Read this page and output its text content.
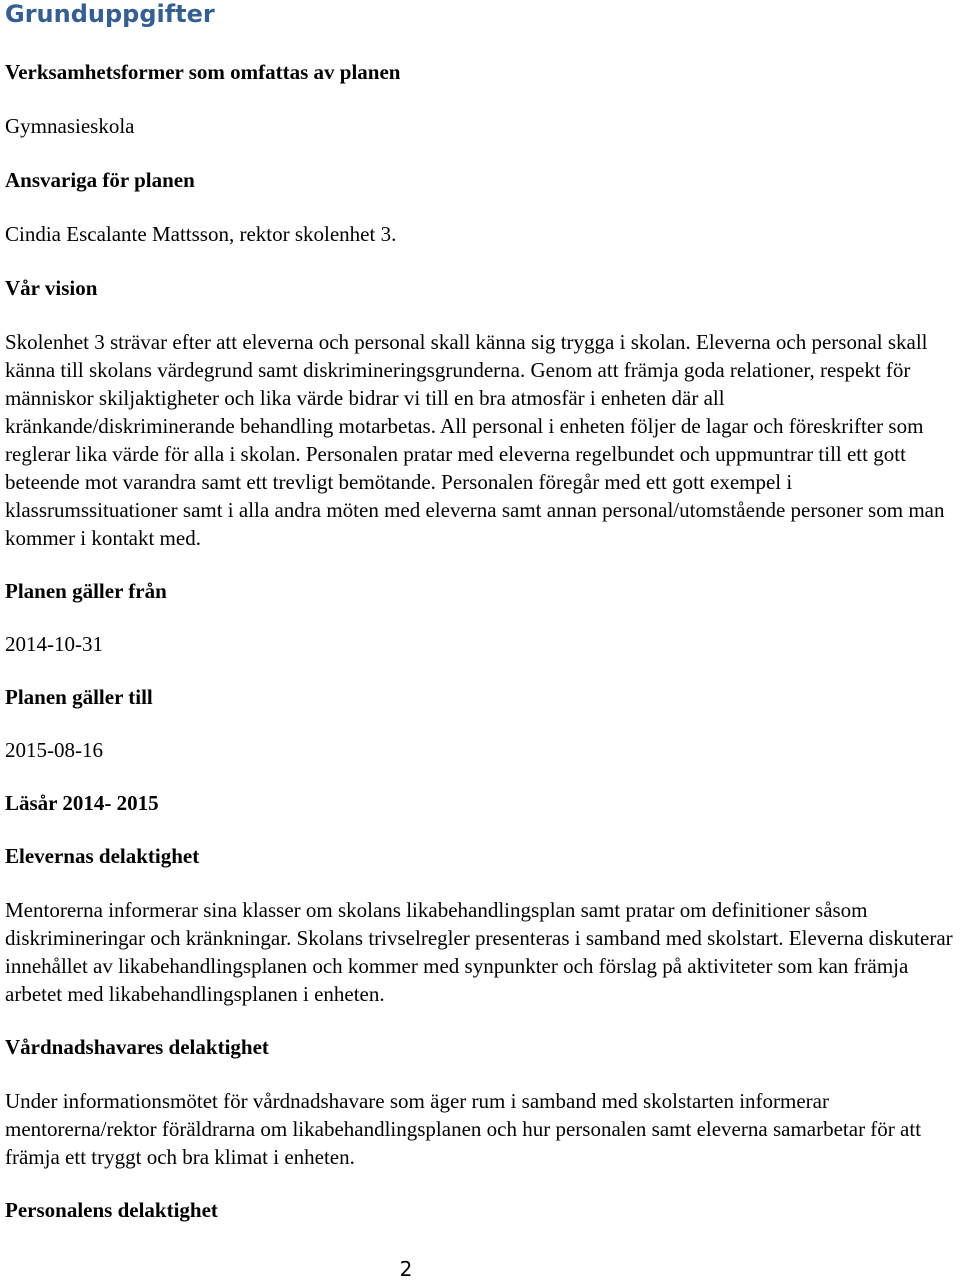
Grunduppgifter
Verksamhetsformer som omfattas av planen

Gymnasieskola

Ansvariga för planen

Cindia Escalante Mattsson, rektor skolenhet 3.

Vår vision

Skolenhet 3 strävar efter att eleverna och personal skall känna sig trygga i skolan. Eleverna och personal skall känna till skolans värdegrund samt diskrimineringsgrunderna. Genom att främja goda relationer, respekt för människor skiljaktigheter och lika värde bidrar vi till en bra atmosfär i enheten där all kränkande/diskriminerande behandling motarbetas. All personal i enheten följer de lagar och föreskrifter som reglerar lika värde för alla i skolan. Personalen pratar med eleverna regelbundet och uppmuntrar till ett gott beteende mot varandra samt ett trevligt bemötande. Personalen föregår med ett gott exempel i klassrumssituationer samt i alla andra möten med eleverna samt annan personal/utomstående personer som man kommer i kontakt med.

Planen gäller från

2014-10-31

Planen gäller till

2015-08-16

Läsår 2014- 2015
Elevernas delaktighet

Mentorerna informerar sina klasser om skolans likabehandlingsplan samt pratar om definitioner såsom diskrimineringar och kränkningar. Skolans trivselregler presenteras i samband med skolstart. Eleverna diskuterar innehållet av likabehandlingsplanen och kommer med synpunkter och förslag på aktiviteter som kan främja arbetet med likabehandlingsplanen i enheten.

Vårdnadshavares delaktighet

Under informationsmötet för vårdnadshavare som äger rum i samband med skolstarten informerar mentorerna/rektor föräldrarna om likabehandlingsplanen och hur personalen samt eleverna samarbetar för att främja ett tryggt och bra klimat i enheten.

Personalens delaktighet
2
